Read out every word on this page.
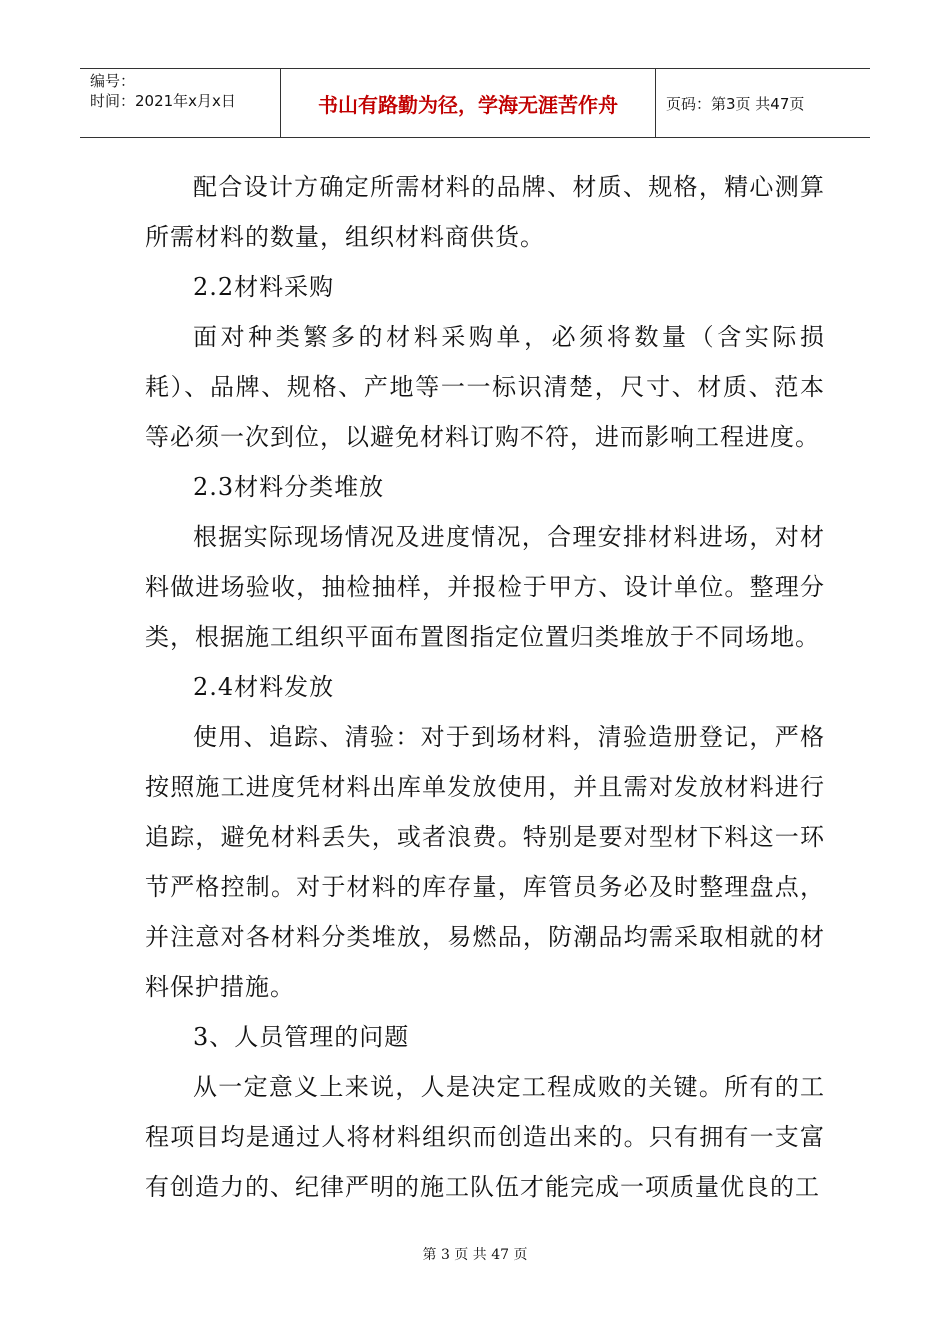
编号：
时间：2021年x月x日	书山有路勤为径，学海无涯苦作舟	页码：第3页 共47页

配合设计方确定所需材料的品牌、材质、规格，精心测算所需材料的数量，组织材料商供货。

2.2材料采购

面对种类繁多的材料采购单，必须将数量（含实际损耗）、品牌、规格、产地等一一标识清楚，尺寸、材质、范本等必须一次到位，以避免材料订购不符，进而影响工程进度。

2.3材料分类堆放

根据实际现场情况及进度情况，合理安排材料进场，对材料做进场验收，抽检抽样，并报检于甲方、设计单位。整理分类，根据施工组织平面布置图指定位置归类堆放于不同场地。

2.4材料发放

使用、追踪、清验：对于到场材料，清验造册登记，严格按照施工进度凭材料出库单发放使用，并且需对发放材料进行追踪，避免材料丢失，或者浪费。特别是要对型材下料这一环节严格控制。对于材料的库存量，库管员务必及时整理盘点，并注意对各材料分类堆放，易燃品，防潮品均需采取相就的材料保护措施。

3、人员管理的问题

从一定意义上来说，人是决定工程成败的关键。所有的工程项目均是通过人将材料组织而创造出来的。只有拥有一支富有创造力的、纪律严明的施工队伍才能完成一项质量优良的工

第 3 页 共 47 页
